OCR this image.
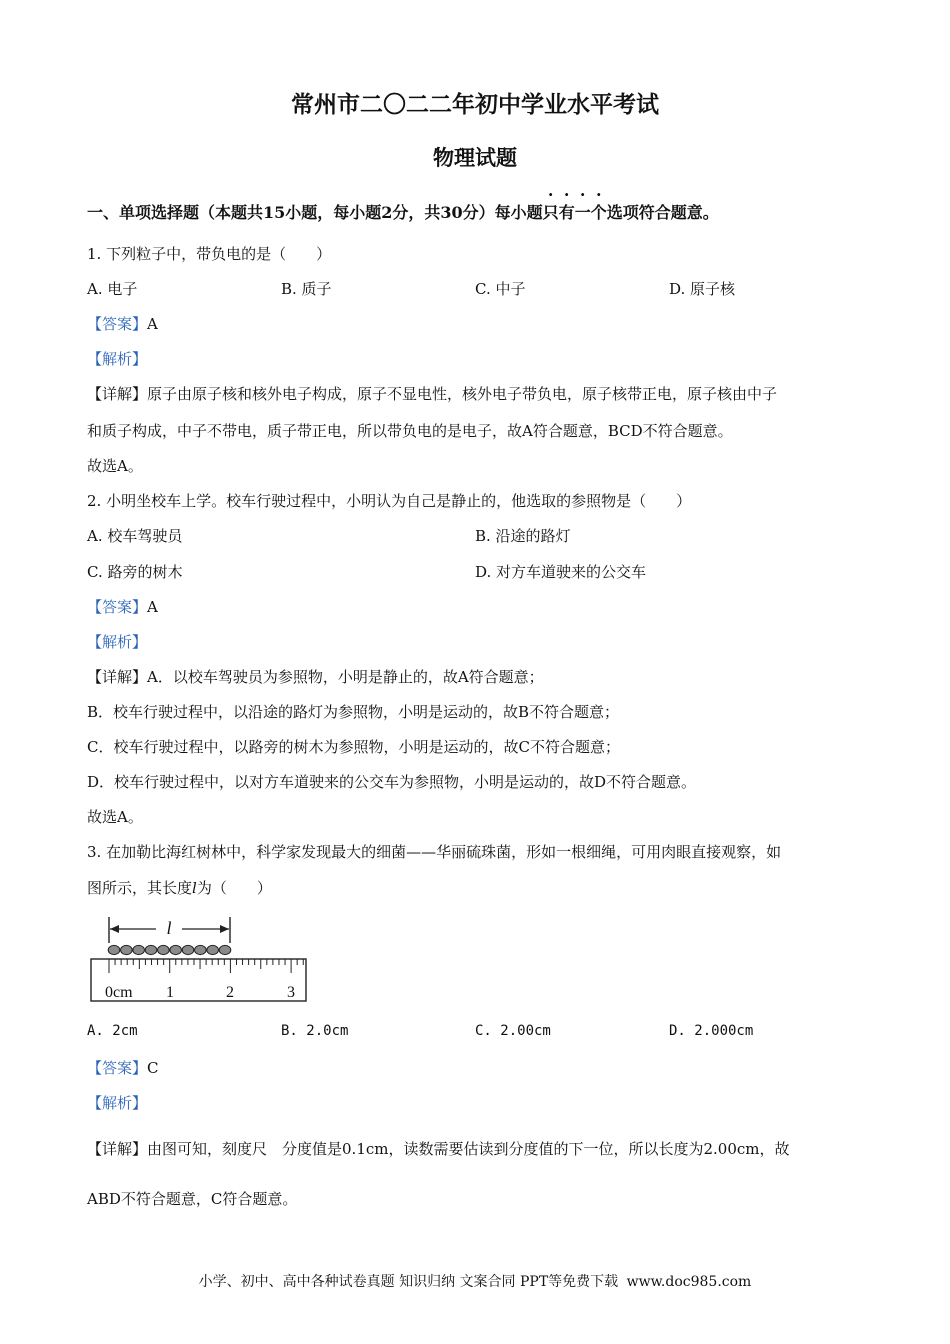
常州市二〇二二年初中学业水平考试
物理试题
一、单项选择题（本题共15小题，每小题2分，共30分）每小题只有一个选项符合题意。
1. 下列粒子中，带负电的是（　　）
A. 电子	B. 质子	C. 中子	D. 原子核
【答案】A
【解析】
【详解】原子由原子核和核外电子构成，原子不显电性，核外电子带负电，原子核带正电，原子核由中子
和质子构成，中子不带电，质子带正电，所以带负电的是电子，故A符合题意，BCD不符合题意。
故选A。
2. 小明坐校车上学。校车行驶过程中，小明认为自己是静止的，他选取的参照物是（　　）
A. 校车驾驶员	B. 沿途的路灯
C. 路旁的树木	D. 对方车道驶来的公交车
【答案】A
【解析】
【详解】A．以校车驾驶员为参照物，小明是静止的，故A符合题意；
B．校车行驶过程中，以沿途的路灯为参照物，小明是运动的，故B不符合题意；
C．校车行驶过程中，以路旁的树木为参照物，小明是运动的，故C不符合题意；
D．校车行驶过程中，以对方车道驶来的公交车为参照物，小明是运动的，故D不符合题意。
故选A。
3. 在加勒比海红树林中，科学家发现最大的细菌——华丽硫珠菌，形如一根细绳，可用肉眼直接观察，如
图所示，其长度l为（　　）
l
0cm 1	2	3
A. 2cm	B. 2.0cm	C. 2.00cm	D. 2.000cm
【答案】C
【解析】
【详解】由图可知，刻度尺　分度值是0.1cm，读数需要估读到分度值的下一位，所以长度为2.00cm，故
ABD不符合题意，C符合题意。
小学、初中、高中各种试卷真题 知识归纳 文案合同 PPT等免费下载 www.doc985.com
